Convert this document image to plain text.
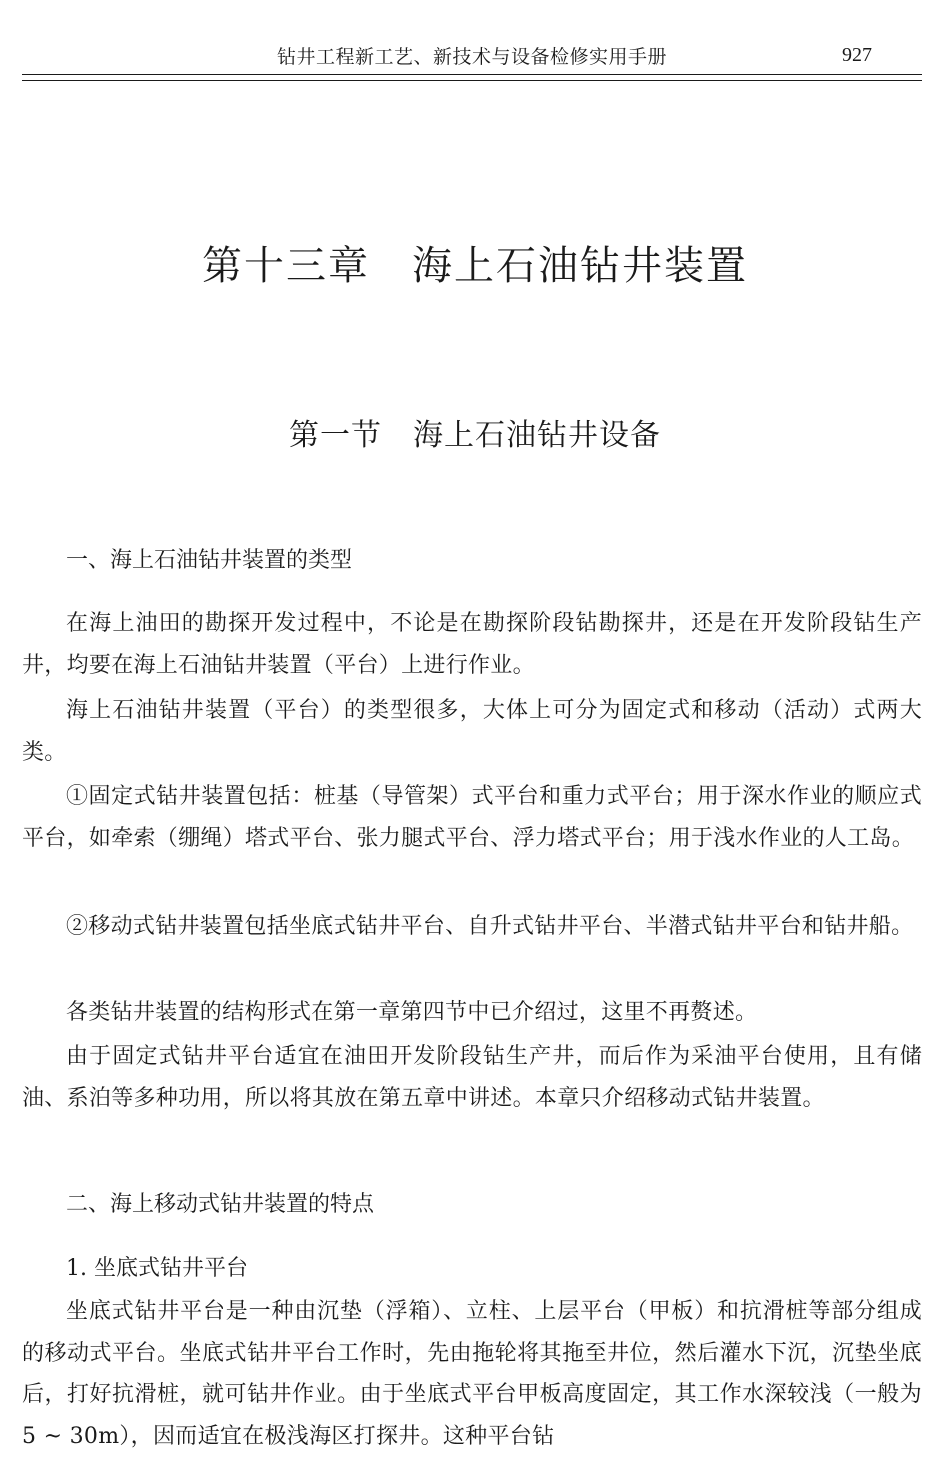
钻井工程新工艺、新技术与设备检修实用手册	927
第十三章　海上石油钻井装置
第一节　海上石油钻井设备
一、海上石油钻井装置的类型
在海上油田的勘探开发过程中，不论是在勘探阶段钻勘探井，还是在开发阶段钻生产井，均要在海上石油钻井装置（平台）上进行作业。
海上石油钻井装置（平台）的类型很多，大体上可分为固定式和移动（活动）式两大类。
①固定式钻井装置包括：桩基（导管架）式平台和重力式平台；用于深水作业的顺应式平台，如牵索（绷绳）塔式平台、张力腿式平台、浮力塔式平台；用于浅水作业的人工岛。
②移动式钻井装置包括坐底式钻井平台、自升式钻井平台、半潜式钻井平台和钻井船。
各类钻井装置的结构形式在第一章第四节中已介绍过，这里不再赘述。
由于固定式钻井平台适宜在油田开发阶段钻生产井，而后作为采油平台使用，且有储油、系泊等多种功用，所以将其放在第五章中讲述。本章只介绍移动式钻井装置。
二、海上移动式钻井装置的特点
1. 坐底式钻井平台
坐底式钻井平台是一种由沉垫（浮箱）、立柱、上层平台（甲板）和抗滑桩等部分组成的移动式平台。坐底式钻井平台工作时，先由拖轮将其拖至井位，然后灌水下沉，沉垫坐底后，打好抗滑桩，就可钻井作业。由于坐底式平台甲板高度固定，其工作水深较浅（一般为 5 ~ 30m），因而适宜在极浅海区打探井。这种平台钻
